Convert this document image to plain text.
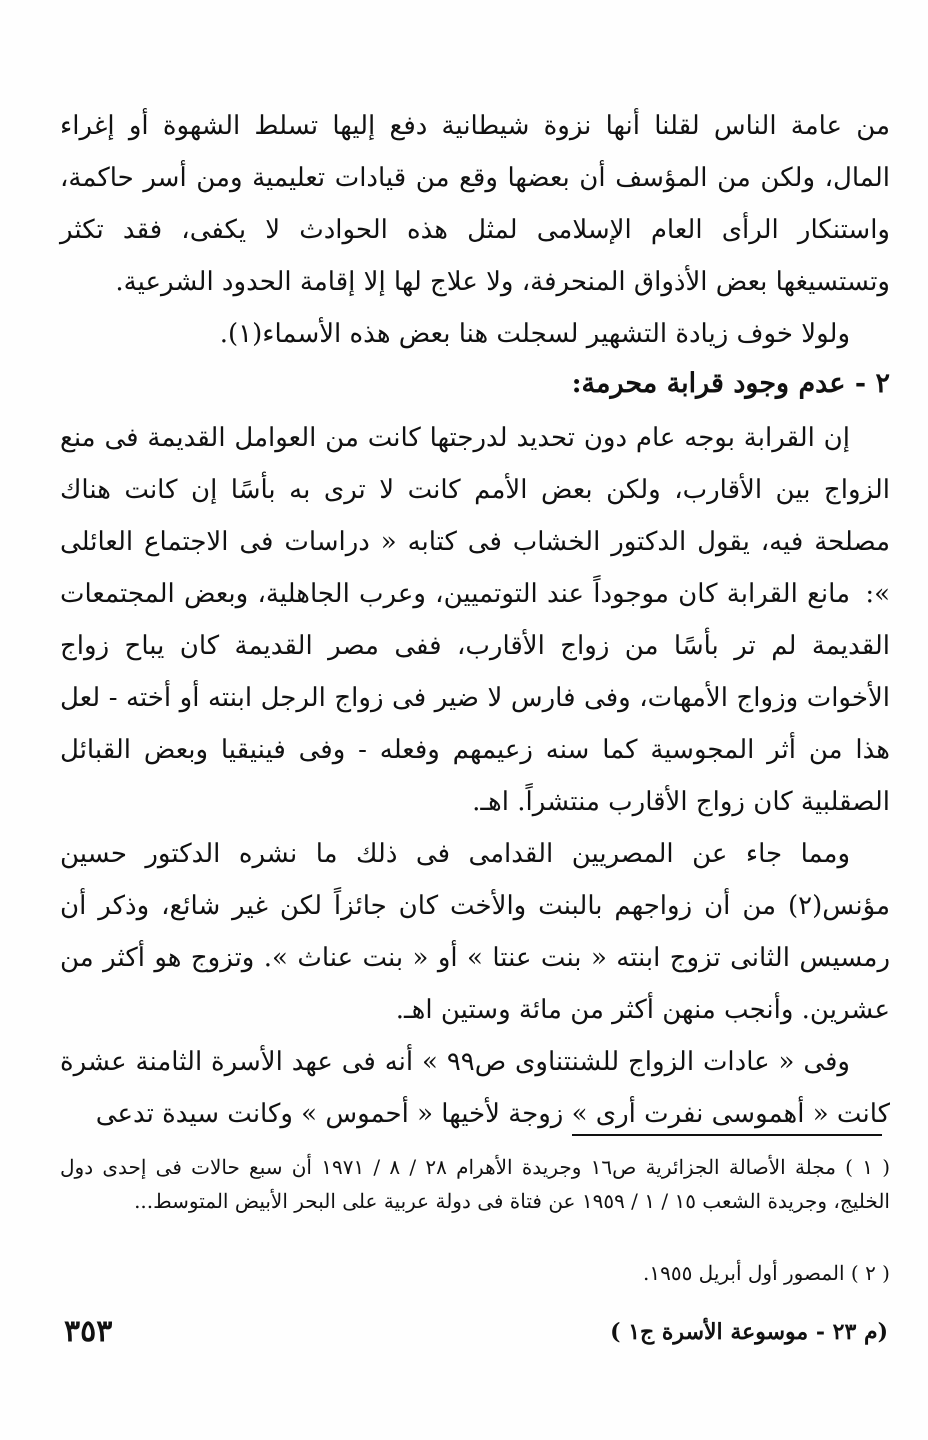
من عامة الناس لقلنا أنها نزوة شيطانية دفع إليها تسلط الشهوة أو إغراء المال، ولكن من المؤسف أن بعضها وقع من قيادات تعليمية ومن أسر حاكمة، واستنكار الرأى العام الإسلامى لمثل هذه الحوادث لا يكفى، فقد تكثر وتستسيغها بعض الأذواق المنحرفة، ولا علاج لها إلا إقامة الحدود الشرعية.

ولولا خوف زيادة التشهير لسجلت هنا بعض هذه الأسماء(١).

٢ - عدم وجود قرابة محرمة:

إن القرابة بوجه عام دون تحديد لدرجتها كانت من العوامل القديمة فى منع الزواج بين الأقارب، ولكن بعض الأمم كانت لا ترى به بأسًا إن كانت هناك مصلحة فيه، يقول الدكتور الخشاب فى كتابه « دراسات فى الاجتماع العائلى »:

مانع القرابة كان موجوداً عند التوتميين، وعرب الجاهلية، وبعض المجتمعات القديمة لم تر بأسًا من زواج الأقارب، ففى مصر القديمة كان يباح زواج الأخوات وزواج الأمهات، وفى فارس لا ضير فى زواج الرجل ابنته أو أخته - لعل هذا من أثر المجوسية كما سنه زعيمهم وفعله - وفى فينيقيا وبعض القبائل الصقلبية كان زواج الأقارب منتشراً. اهـ.

ومما جاء عن المصريين القدامى فى ذلك ما نشره الدكتور حسين مؤنس(٢) من أن زواجهم بالبنت والأخت كان جائزاً لكن غير شائع، وذكر أن رمسيس الثانى تزوج ابنته « بنت عنتا » أو « بنت عناث ». وتزوج هو أكثر من عشرين. وأنجب منهن أكثر من مائة وستين اهـ.

وفى « عادات الزواج للشنتناوى ص٩٩ » أنه فى عهد الأسرة الثامنة عشرة كانت « أهموسى نفرت أرى » زوجة لأخيها « أحموس » وكانت سيدة تدعى

( ١ ) مجلة الأصالة الجزائرية ص١٦ وجريدة الأهرام ٢٨ / ٨ / ١٩٧١ أن سبع حالات فى إحدى دول الخليج، وجريدة الشعب ١٥ / ١ / ١٩٥٩ عن فتاة فى دولة عربية على البحر الأبيض المتوسط...

( ٢ ) المصور أول أبريل ١٩٥٥.

(م ٢٣ - موسوعة الأسرة ج١ )
٣٥٣
